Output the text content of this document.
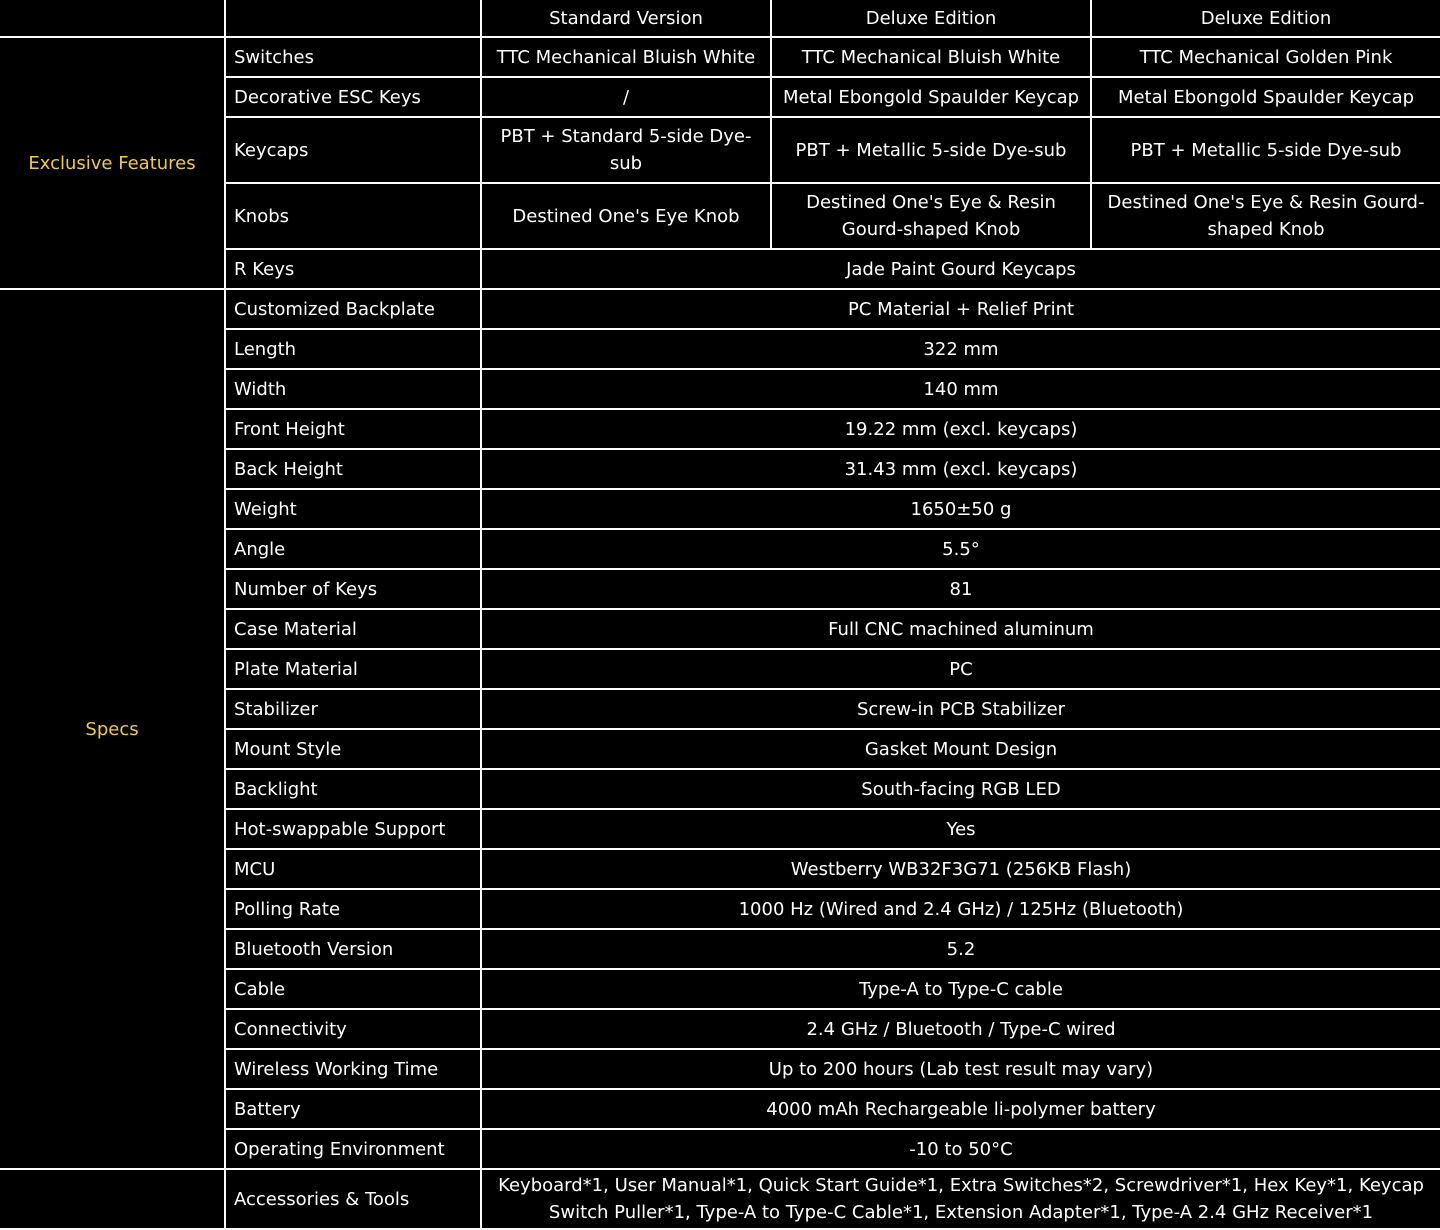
		Standard Version	Deluxe Edition	Deluxe Edition
Exclusive Features	Switches	TTC Mechanical Bluish White	TTC Mechanical Bluish White	TTC Mechanical Golden Pink
	Decorative ESC Keys	/	Metal Ebongold Spaulder Keycap	Metal Ebongold Spaulder Keycap
	Keycaps	PBT + Standard 5-side Dye-sub	PBT + Metallic 5-side Dye-sub	PBT + Metallic 5-side Dye-sub
	Knobs	Destined One's Eye Knob	Destined One's Eye & Resin Gourd-shaped Knob	Destined One's Eye & Resin Gourd-shaped Knob
	R Keys	Jade Paint Gourd Keycaps		
Specs	Customized Backplate	PC Material + Relief Print		
	Length	322 mm		
	Width	140 mm		
	Front Height	19.22 mm (excl. keycaps)		
	Back Height	31.43 mm (excl. keycaps)		
	Weight	1650±50 g		
	Angle	5.5°		
	Number of Keys	81		
	Case Material	Full CNC machined aluminum		
	Plate Material	PC		
	Stabilizer	Screw-in PCB Stabilizer		
	Mount Style	Gasket Mount Design		
	Backlight	South-facing RGB LED		
	Hot-swappable Support	Yes		
	MCU	Westberry WB32F3G71 (256KB Flash)		
	Polling Rate	1000 Hz (Wired and 2.4 GHz) / 125Hz (Bluetooth)		
	Bluetooth Version	5.2		
	Cable	Type-A to Type-C cable		
	Connectivity	2.4 GHz / Bluetooth / Type-C wired		
	Wireless Working Time	Up to 200 hours (Lab test result may vary)		
	Battery	4000 mAh Rechargeable li-polymer battery		
	Operating Environment	-10 to 50°C		
	Accessories & Tools	Keyboard*1, User Manual*1, Quick Start Guide*1, Extra Switches*2, Screwdriver*1, Hex Key*1, Keycap Switch Puller*1, Type-A to Type-C Cable*1, Extension Adapter*1, Type-A 2.4 GHz Receiver*1		
